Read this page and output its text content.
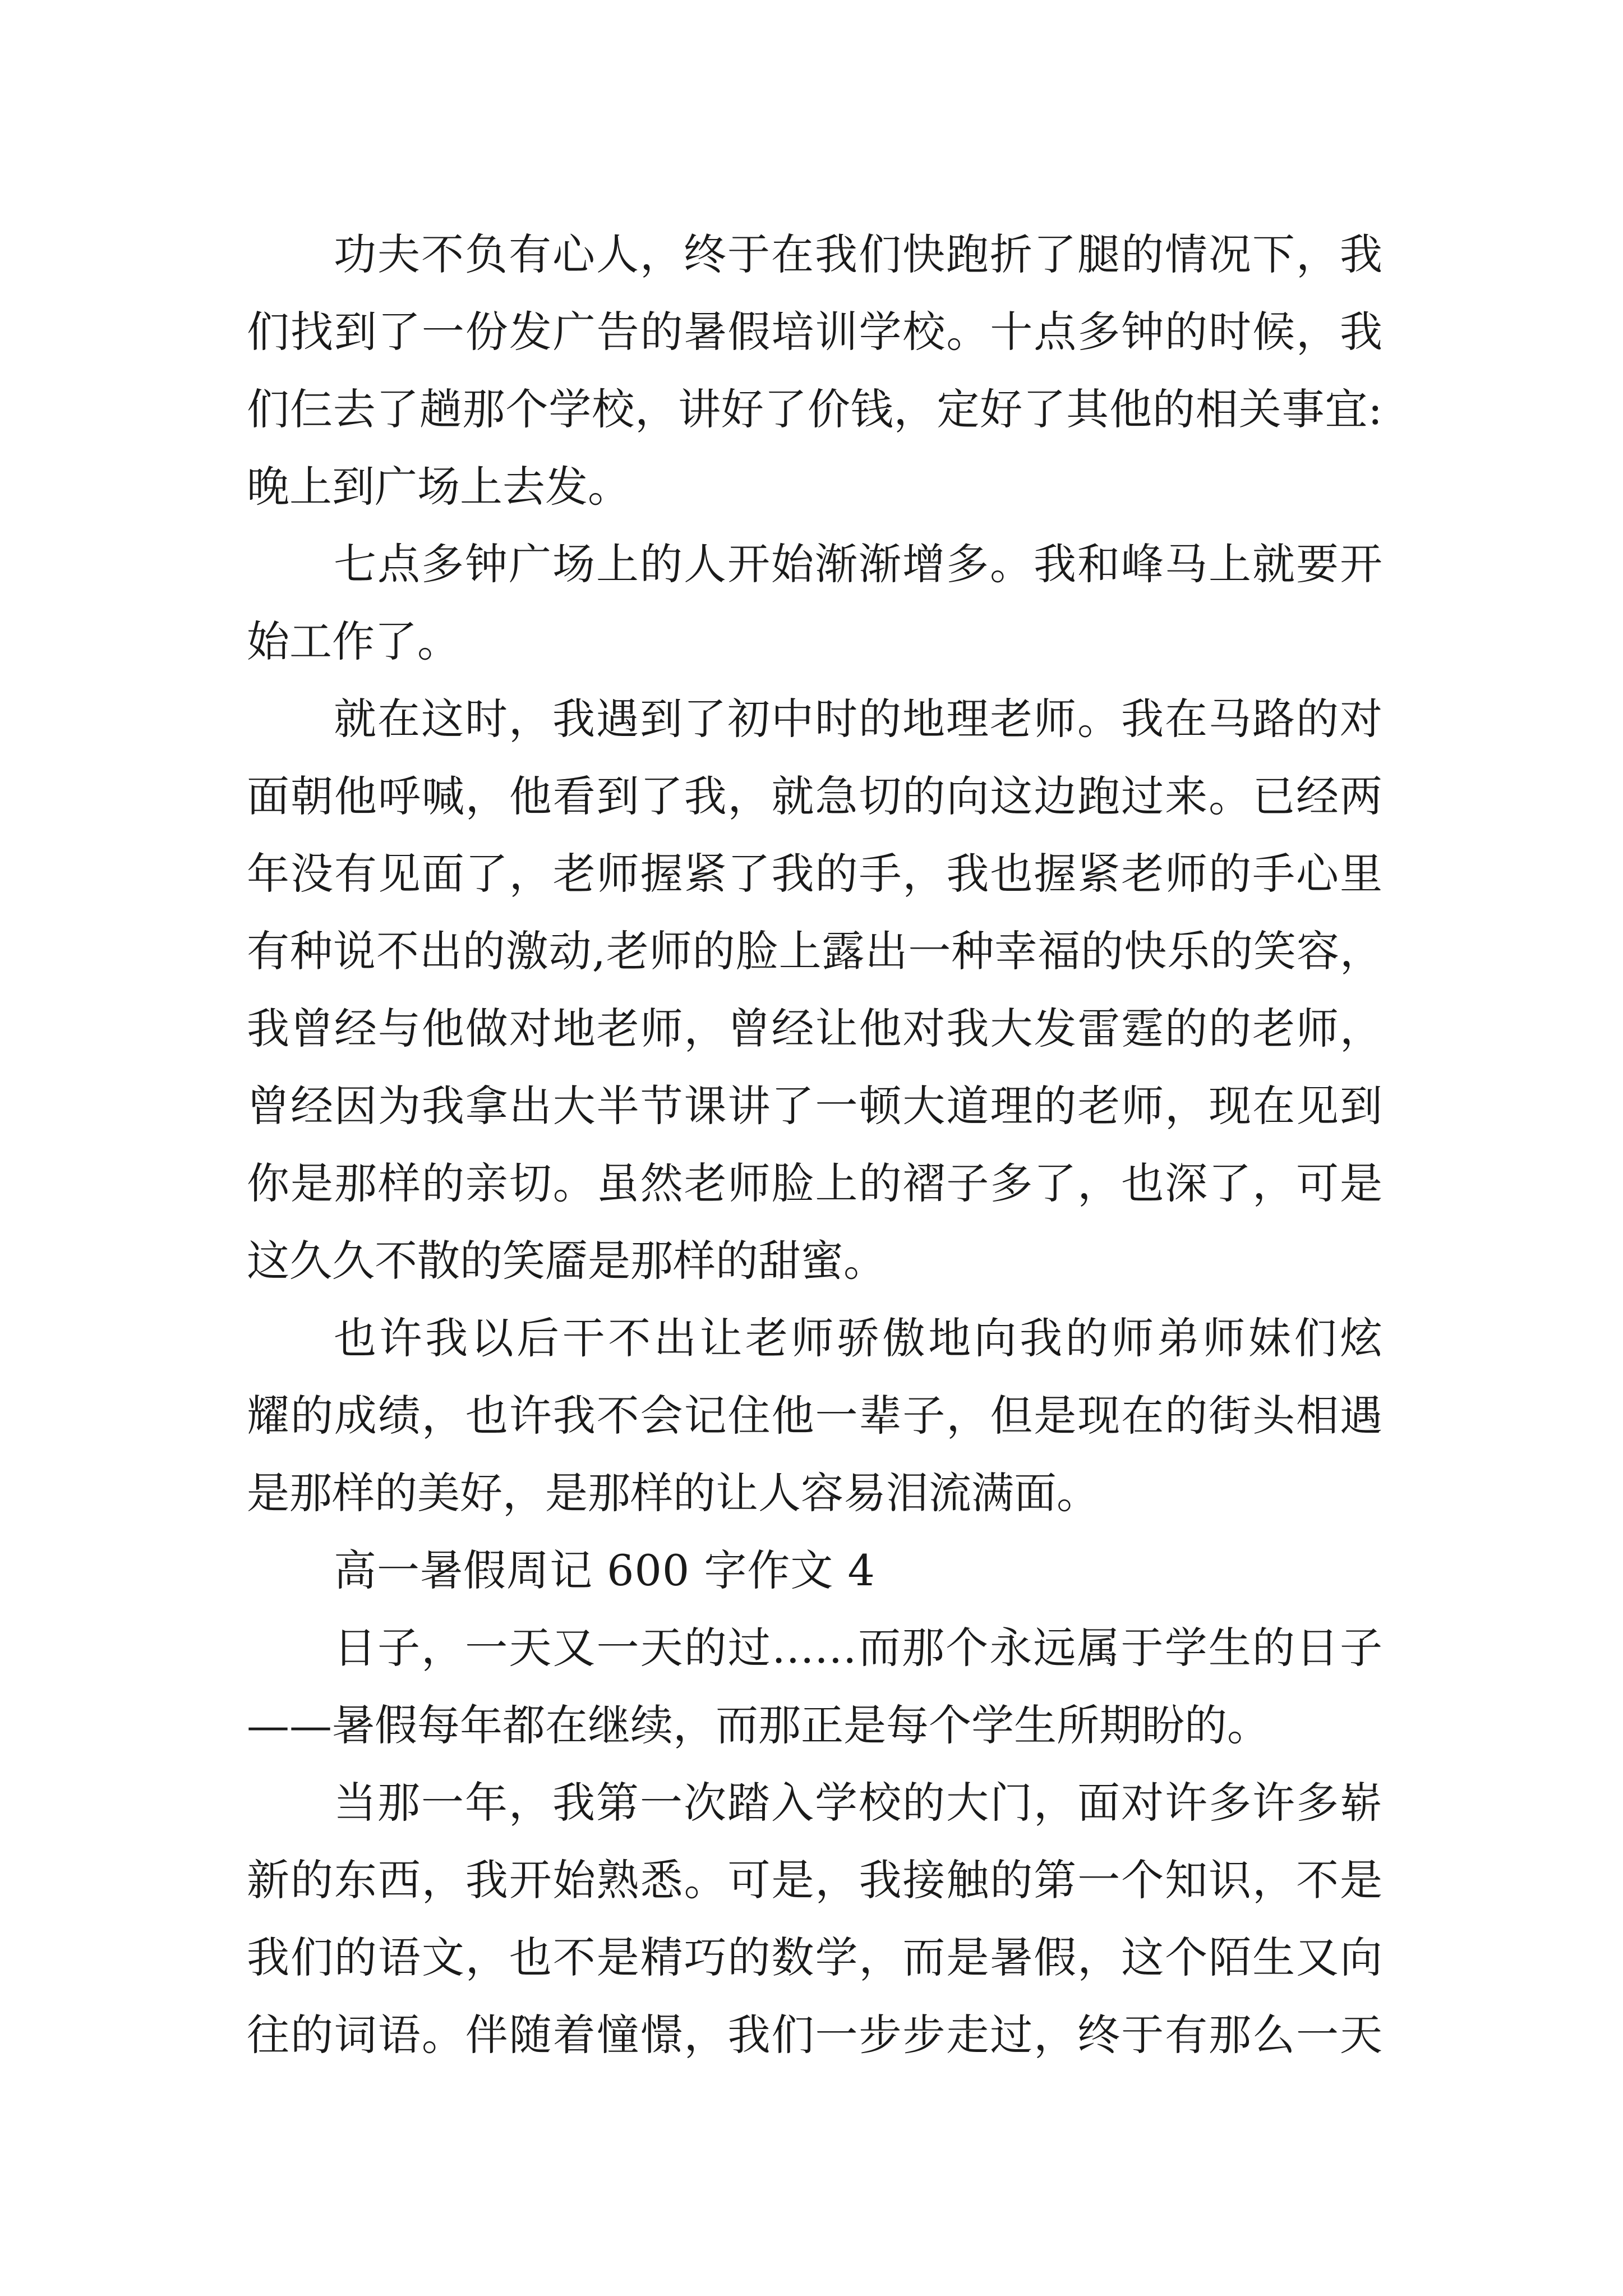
功夫不负有心人，终于在我们快跑折了腿的情况下，我
们找到了一份发广告的暑假培训学校。十点多钟的时候，我
们仨去了趟那个学校，讲好了价钱，定好了其他的相关事宜:
晚上到广场上去发。
七点多钟广场上的人开始渐渐增多。我和峰马上就要开
始工作了。
就在这时，我遇到了初中时的地理老师。我在马路的对
面朝他呼喊，他看到了我，就急切的向这边跑过来。已经两
年没有见面了，老师握紧了我的手，我也握紧老师的手心里
有种说不出的激动,老师的脸上露出一种幸福的快乐的笑容，
我曾经与他做对地老师，曾经让他对我大发雷霆的的老师，
曾经因为我拿出大半节课讲了一顿大道理的老师，现在见到
你是那样的亲切。虽然老师脸上的褶子多了，也深了，可是
这久久不散的笑靥是那样的甜蜜。
也许我以后干不出让老师骄傲地向我的师弟师妹们炫
耀的成绩，也许我不会记住他一辈子，但是现在的街头相遇
是那样的美好，是那样的让人容易泪流满面。
高一暑假周记 600 字作文 4
日子，一天又一天的过……而那个永远属于学生的日子
——暑假每年都在继续，而那正是每个学生所期盼的。
当那一年，我第一次踏入学校的大门，面对许多许多崭
新的东西，我开始熟悉。可是，我接触的第一个知识，不是
我们的语文，也不是精巧的数学，而是暑假，这个陌生又向
往的词语。伴随着憧憬，我们一步步走过，终于有那么一天
